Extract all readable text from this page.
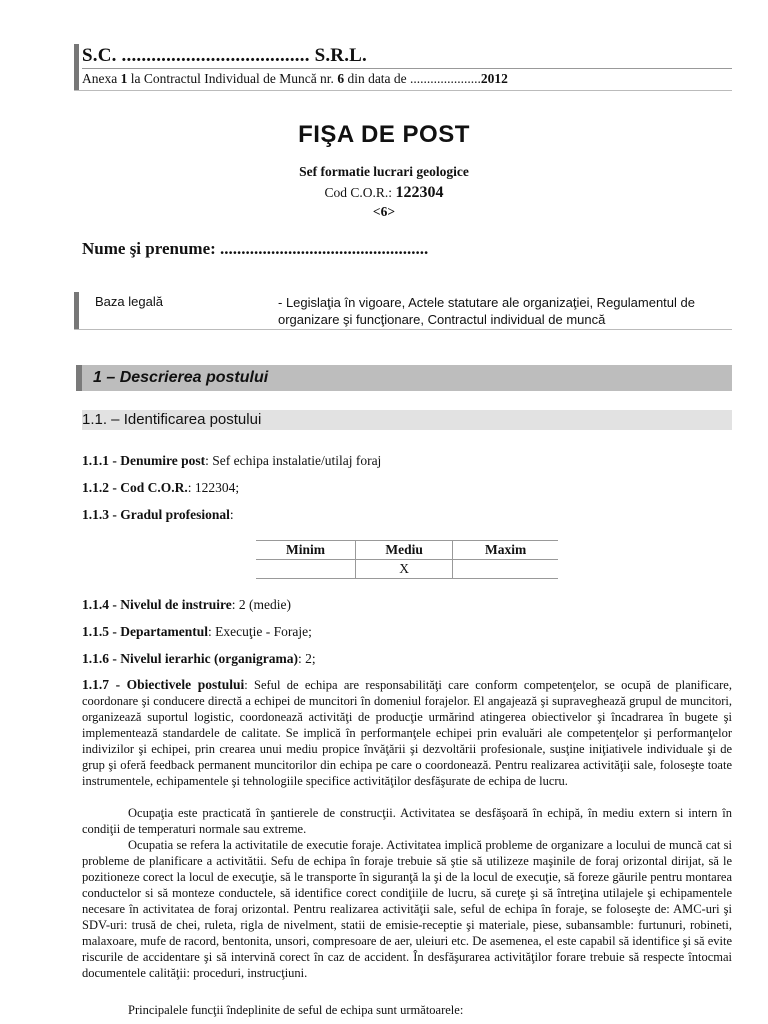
S.C. ...................................... S.R.L.
Anexa 1 la Contractul Individual de Muncă nr. 6 din data de .....................2012
FIŞA DE POST
Sef formatie lucrari geologice
Cod C.O.R.: 122304
<6>
Nume şi prenume: .................................................
Baza legală	- Legislaţia în vigoare, Actele statutare ale organizaţiei, Regulamentul de organizare şi funcţionare, Contractul individual de muncă
1 – Descrierea postului
1.1. – Identificarea postului
1.1.1 - Denumire post: Sef echipa instalatie/utilaj foraj
1.1.2 - Cod C.O.R.: 122304;
1.1.3 - Gradul profesional:
Minim	Mediu	Maxim
	X	
1.1.4 - Nivelul de instruire: 2 (medie)
1.1.5 - Departamentul: Execuţie - Foraje;
1.1.6 - Nivelul ierarhic (organigrama): 2;
1.1.7 - Obiectivele postului: Seful de echipa are responsabilităţi care conform competenţelor, se ocupă de planificare, coordonare şi conducere directă a echipei de muncitori în domeniul forajelor. El angajează şi supraveghează grupul de muncitori, organizează suportul logistic, coordonează activităţi de producţie urmărind atingerea obiectivelor şi încadrarea în bugete şi implementează standardele de calitate. Se implică în performanţele echipei prin evaluări ale competenţelor şi performanţelor indivizilor şi echipei, prin crearea unui mediu propice învăţării şi dezvoltării profesionale, susţine iniţiativele individuale şi de grup şi oferă feedback permanent muncitorilor din echipa pe care o coordonează. Pentru realizarea activităţii sale, foloseşte toate instrumentele, echipamentele şi tehnologiile specifice activităţilor desfăşurate de echipa de lucru.
Ocupaţia este practicată în şantierele de construcţii. Activitatea se desfăşoară în echipă, în mediu extern si intern în condiţii de temperaturi normale sau extreme.
Ocupatia se refera la activitatile de executie foraje. Activitatea implică probleme de organizare a locului de muncă cat si probleme de planificare a activitătii. Sefu de echipa în foraje trebuie să ştie să utilizeze maşinile de foraj orizontal dirijat, să le pozitioneze corect la locul de execuţie, să le transporte în siguranţă la şi de la locul de execuţie, să foreze găurile pentru montarea conductelor si să monteze conductele, să identifice corect condiţiile de lucru, să cureţe şi să întreţina utilajele şi echipamentele necesare în activitatea de foraj orizontal. Pentru realizarea activităţii sale, seful de echipa în foraje, se foloseşte de: AMC-uri şi SDV-uri: trusă de chei, ruleta, rigla de nivelment, statii de emisie-receptie şi materiale, piese, subansamble: furtunuri, robineti, malaxoare, mufe de racord, bentonita, unsori, compresoare de aer, uleiuri etc. De asemenea, el este capabil să identifice şi să evite riscurile de accidentare şi să intervină corect în caz de accident. În desfăşurarea activităţilor forare trebuie să respecte întocmai documentele calităţii: proceduri, instrucţiuni.
Principalele funcţii îndeplinite de seful de echipa sunt următoarele:
